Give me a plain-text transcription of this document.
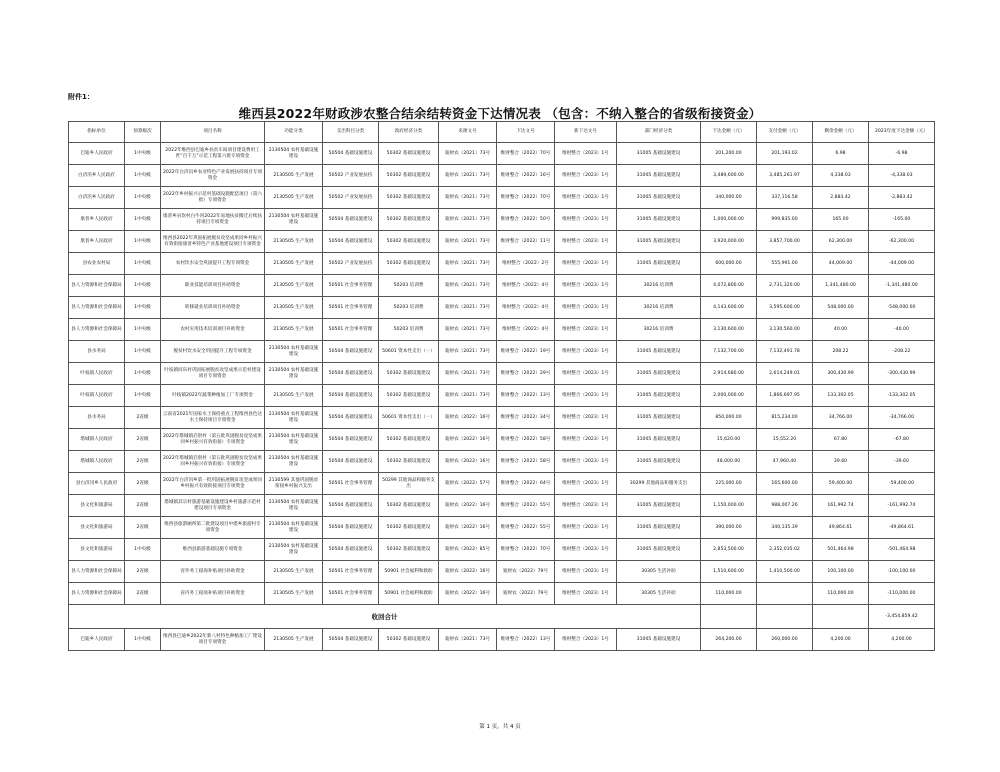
附件1：
维西县2022年财政涉农整合结余结转资金下达情况表 （包含：不纳入整合的省级衔接资金）
指标单位	预算级次	项目名称	功能分类	支出科目分类	政府经济分类	来源文号	下达文号	新下达文号	部门经济分类	下达金额（元）	支付金额（元）	剩余金额（元）	2023年度下达金额（元）
巴迪乡人民政府	1中央级	2022年维西县巴迪乡扶贫车间项目建设费用工匠“百千万”示范工程第六批专项资金	2130504 农村基础设施建设	50504 基础设施建设	50302 基础设施建设	迪财农（2021）73号	维财整合（2022）70号	维财整合（2023）1号	31005 基础设施建设	201,200.00	201,193.02	6.98	-6.98
白济汛乡人民政府	1中央级	2022年白济汛乡农业特色产业发展扶持项目专项资金	2130505 生产发展	50502 产业发展扶持	50302 基础设施建设	迪财农（2021）73号	维财整合（2022）16号	维财整合（2023）1号	31005 基础设施建设	3,489,600.00	3,485,261.97	4,338.03	-4,338.03
白济汛乡人民政府	1中央级	2022年乡村振兴示范村基础设施配套项目（第六批）专项资金	2130505 生产发展	50502 产业发展扶持	50302 基础设施建设	迪财农（2021）73号	维财整合（2022）70号	维财整合（2023）1号	31005 基础设施建设	340,000.00	337,116.58	2,883.42	-2,883.42
康普乡人民政府	1中央级	康普乡岩坎村白牛河2022年易地扶贫搬迁后续扶持项目专项资金	2130504 农村基础设施建设	50504 基础设施建设	50302 基础设施建设	迪财农（2021）73号	维财整合（2022）50号	维财整合（2023）1号	31005 基础设施建设	1,000,000.00	999,835.00	165.00	-165.00
康普乡人民政府	1中央级	维西县2022年巩固拓展脱贫攻坚成果同乡村振兴有效衔接康普乡特色产业基地建设项目专项资金	2130505 生产发展	50504 基础设施建设	50302 基础设施建设	迪财农（2021）73号	维财整合（2022）11号	维财整合（2023）1号	31005 基础设施建设	3,920,000.00	3,857,700.00	62,300.00	-62,300.00
县农业农村局	1中央级	农村饮水安全巩固提升工程专项资金	2130505 生产发展	50502 产业发展扶持	50302 基础设施建设	迪财农（2021）73号	维财整合（2022）2号	维财整合（2023）1号	31005 基础设施建设	600,000.00	555,991.00	44,009.00	-44,009.00
县人力资源和社会保障局	1中央级	职业技能培训项目补助资金	2130505 生产发展	50501 社会事务管理	50203 培训费	迪财农（2021）73号	维财整合（2022）4号	维财整合（2023）1号	30216 培训费	4,072,800.00	2,731,320.00	1,341,480.00	-1,341,480.00
县人力资源和社会保障局	1中央级	转移就业培训项目补助资金	2130505 生产发展	50501 社会事务管理	50203 培训费	迪财农（2021）73号	维财整合（2022）4号	维财整合（2023）1号	30216 培训费	4,143,600.00	3,595,600.00	548,000.00	-548,000.00
县人力资源和社会保障局	1中央级	农村实用技术培训项目补助资金	2130505 生产发展	50501 社会事务管理	50203 培训费	迪财农（2021）73号	维财整合（2022）4号	维财整合（2023）1号	30216 培训费	3,130,600.00	3,130,560.00	40.00	-40.00
县水务局	1中央级	脱贫村饮水安全巩固提升工程专项资金	2130504 农村基础设施建设	50504 基础设施建设	50601 资本性支出（一）	迪财农（2021）73号	维财整合（2022）19号	维财整合（2023）1号	31005 基础设施建设	7,132,700.00	7,132,491.78	208.22	-208.22
叶枝镇人民政府	1中央级	叶枝镇同乐村巩固拓展脱贫攻坚成果示范村建设项目专项资金	2130504 农村基础设施建设	50504 基础设施建设	50302 基础设施建设	迪财农（2021）73号	维财整合（2022）29号	维财整合（2023）1号	31005 基础设施建设	2,914,680.00	2,614,249.01	300,430.99	-300,430.99
叶枝镇人民政府	1中央级	叶枝镇2022年蔬菜种植加工厂专项资金	2130505 生产发展	50504 基础设施建设	50302 基础设施建设	迪财农（2021）73号	维财整合（2022）13号	维财整合（2023）1号	31005 基础设施建设	2,000,000.00	1,866,697.95	133,302.05	-133,302.05
县水务局	2省级	云南省2021年国家水土保持重点工程维西县色达水土保持项目专项资金	2130504 农村基础设施建设	50504 基础设施建设	50601 资本性支出（一）	迪财农（2022）16号	维财整合（2022）34号	维财整合（2023）1号	31005 基础设施建设	850,000.00	815,234.00	34,766.00	-34,766.00
塔城镇人民政府	2省级	2022年塔城镇启别村（第五批巩固脱贫攻坚成果同乡村振兴有效衔接）专项资金	2130504 农村基础设施建设	50504 基础设施建设	50302 基础设施建设	迪财农（2022）16号	维财整合（2022）58号	维财整合（2023）1号	31005 基础设施建设	15,620.00	15,552.20	67.80	-67.80
塔城镇人民政府	2省级	2022年塔城镇启别村（第五批巩固脱贫攻坚成果同乡村振兴有效衔接）专项资金	2130504 农村基础设施建设	50504 基础设施建设	50302 基础设施建设	迪财农（2022）16号	维财整合（2022）58号	维财整合（2023）1号	31005 基础设施建设	48,000.00	47,960.40	39.60	-39.60
县白济汛乡人民政府	2省级	2022年白济汛乡第一批巩固拓展脱贫攻坚成果同乡村振兴有效衔接项目专项资金	2130599 其他巩固脱贫衔接乡村振兴支出	50501 社会事务管理	50299 其他商品和服务支出	迪财农（2022）57号	维财整合（2022）64号	维财整合（2023）1号	30299 其他商品和服务支出	225,000.00	165,600.00	59,400.00	-59,400.00
县文化和旅游局	2省级	塔城镇其宗村旅游基础设施建设乡村旅游示范村建设项目专项资金	2130504 农村基础设施建设	50504 基础设施建设	50302 基础设施建设	迪财农（2022）16号	维财整合（2022）55号	维财整合（2023）1号	31005 基础设施建设	1,150,000.00	988,007.26	161,992.74	-161,992.74
县文化和旅游局	2省级	维西县旅游厕所第二批建设项目中塔乡旅游村专项资金	2130504 农村基础设施建设	50504 基础设施建设	50302 基础设施建设	迪财农（2022）16号	维财整合（2022）55号	维财整合（2023）1号	31005 基础设施建设	390,000.00	340,135.39	49,864.61	-49,864.61
县文化和旅游局	1中央级	维西县旅游基础设施专项资金	2130504 农村基础设施建设	50504 基础设施建设	50302 基础设施建设	迪财农（2022）85号	维财整合（2022）70号	维财整合（2023）1号	31005 基础设施建设	2,853,500.00	2,352,035.02	501,464.98	-501,464.98
县人力资源和社会保障局	2省级	省外务工稳岗补贴项目补助资金	2130505 生产发展	50501 社会事务管理	50901 社会福利和救助	迪财农（2022）16号	迪财农（2022）79号	维财整合（2023）1号	30305 生活补助	1,510,600.00	1,410,500.00	100,100.00	-100,100.00
县人力资源和社会保障局	2省级	省内务工稳岗补贴项目补助资金	2130505 生产发展	50501 社会事务管理	50901 社会福利和救助	迪财农（2022）16号	迪财农（2022）79号	维财整合（2023）1号	30305 生活补助	110,000.00		110,000.00	-110,000.00
收回合计													-3,454,859.42
巴迪乡人民政府	1中央级	维西县巴迪乡2022年新八村特色种植加工厂建设项目专项资金	2130505 生产发展	50504 基础设施建设	50302 基础设施建设	迪财农（2021）73号	维财整合（2022）13号	维财整合（2023）1号	31005 基础设施建设	264,200.00	260,000.00	4,200.00	4,200.00
第 1 页，共 4 页
